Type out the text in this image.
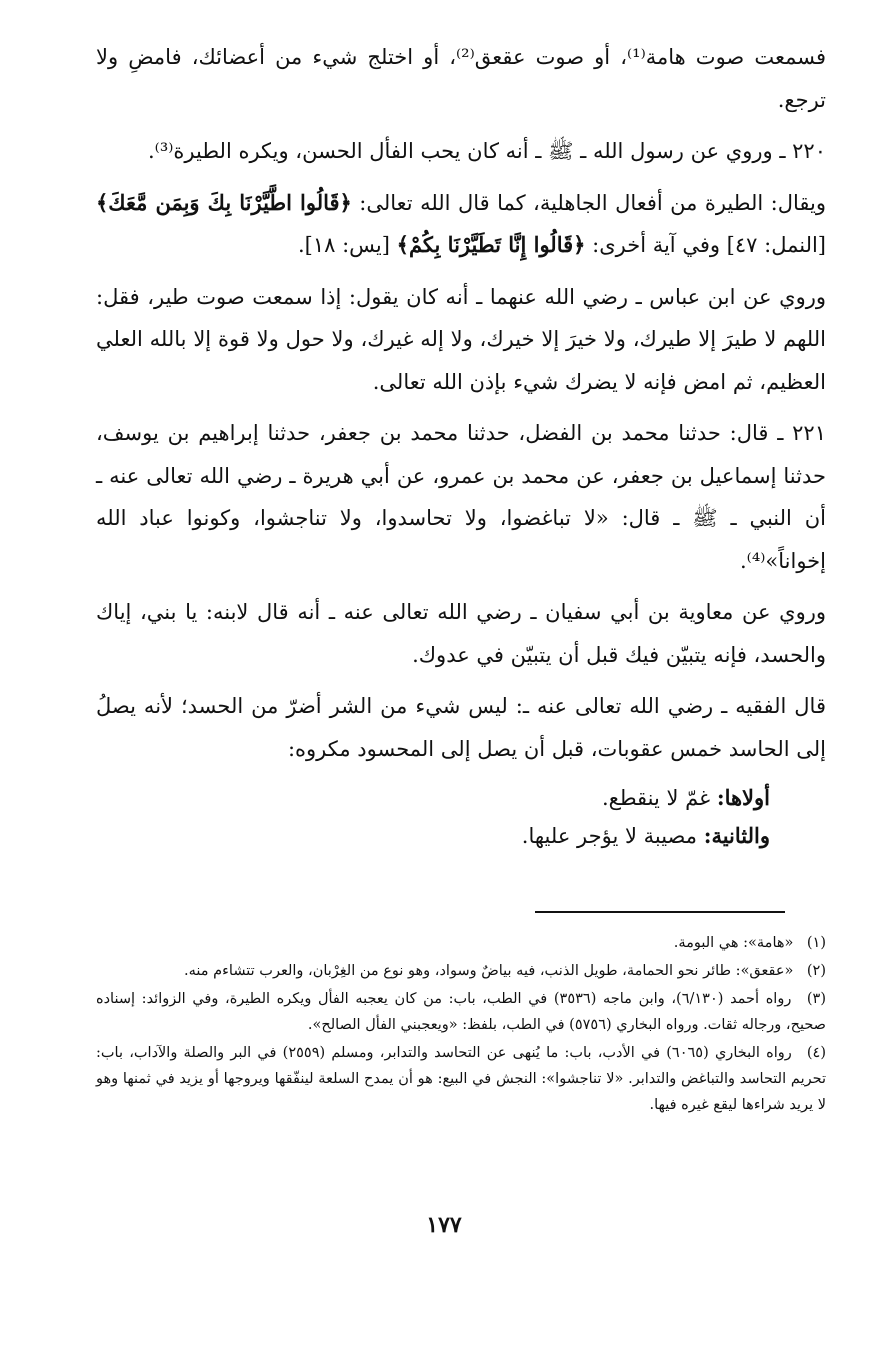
فسمعت صوت هامة⁽¹⁾، أو صوت عقعق⁽²⁾، أو اختلج شيء من أعضائك، فامضِ ولا ترجع.

٢٢٠ ـ وروي عن رسول الله ـ ﷺ ـ أنه كان يحب الفأل الحسن، ويكره الطيرة⁽³⁾.

ويقال: الطيرة من أفعال الجاهلية، كما قال الله تعالى: ﴿قَالُوا اطَّيَّرْنَا بِكَ وَبِمَن مَّعَكَ﴾ [النمل: ٤٧] وفي آية أخرى: ﴿قَالُوا إِنَّا تَطَيَّرْنَا بِكُمْ﴾ [يس: ١٨].

وروي عن ابن عباس ـ رضي الله عنهما ـ أنه كان يقول: إذا سمعت صوت طير، فقل: اللهم لا طيرَ إلا طيرك، ولا خيرَ إلا خيرك، ولا إله غيرك، ولا حول ولا قوة إلا بالله العلي العظيم، ثم امض فإنه لا يضرك شيء بإذن الله تعالى.

٢٢١ ـ قال: حدثنا محمد بن الفضل، حدثنا محمد بن جعفر، حدثنا إبراهيم بن يوسف، حدثنا إسماعيل بن جعفر، عن محمد بن عمرو، عن أبي هريرة ـ رضي الله تعالى عنه ـ أن النبي ـ ﷺ ـ قال: «لا تباغضوا، ولا تحاسدوا، ولا تناجشوا، وكونوا عباد الله إخواناً»⁽⁴⁾.

وروي عن معاوية بن أبي سفيان ـ رضي الله تعالى عنه ـ أنه قال لابنه: يا بني، إياك والحسد، فإنه يتبيّن فيك قبل أن يتبيّن في عدوك.

قال الفقيه ـ رضي الله تعالى عنه ـ: ليس شيء من الشر أضرّ من الحسد؛ لأنه يصلُ إلى الحاسد خمس عقوبات، قبل أن يصل إلى المحسود مكروه:

أولاها: غمّ لا ينقطع.

والثانية: مصيبة لا يؤجر عليها.

(١) «هامة»: هي البومة.

(٢) «عقعق»: طائر نحو الحمامة، طويل الذنب، فيه بياضٌ وسواد، وهو نوع من الغِرْبان، والعرب تتشاءم منه.

(٣) رواه أحمد (٦/١٣٠)، وابن ماجه (٣٥٣٦) في الطب، باب: من كان يعجبه الفأل ويكره الطيرة، وفي الزوائد: إسناده صحيح، ورجاله ثقات. ورواه البخاري (٥٧٥٦) في الطب، بلفظ: «ويعجبني الفأل الصالح».

(٤) رواه البخاري (٦٠٦٥) في الأدب، باب: ما يُنهى عن التحاسد والتدابر، ومسلم (٢٥٥٩) في البر والصلة والآداب، باب: تحريم التحاسد والتباغض والتدابر. «لا تناجشوا»: النجش في البيع: هو أن يمدح السلعة لينفّقها ويروجها أو يزيد في ثمنها وهو لا يريد شراءها ليقع غيره فيها.

١٧٧
